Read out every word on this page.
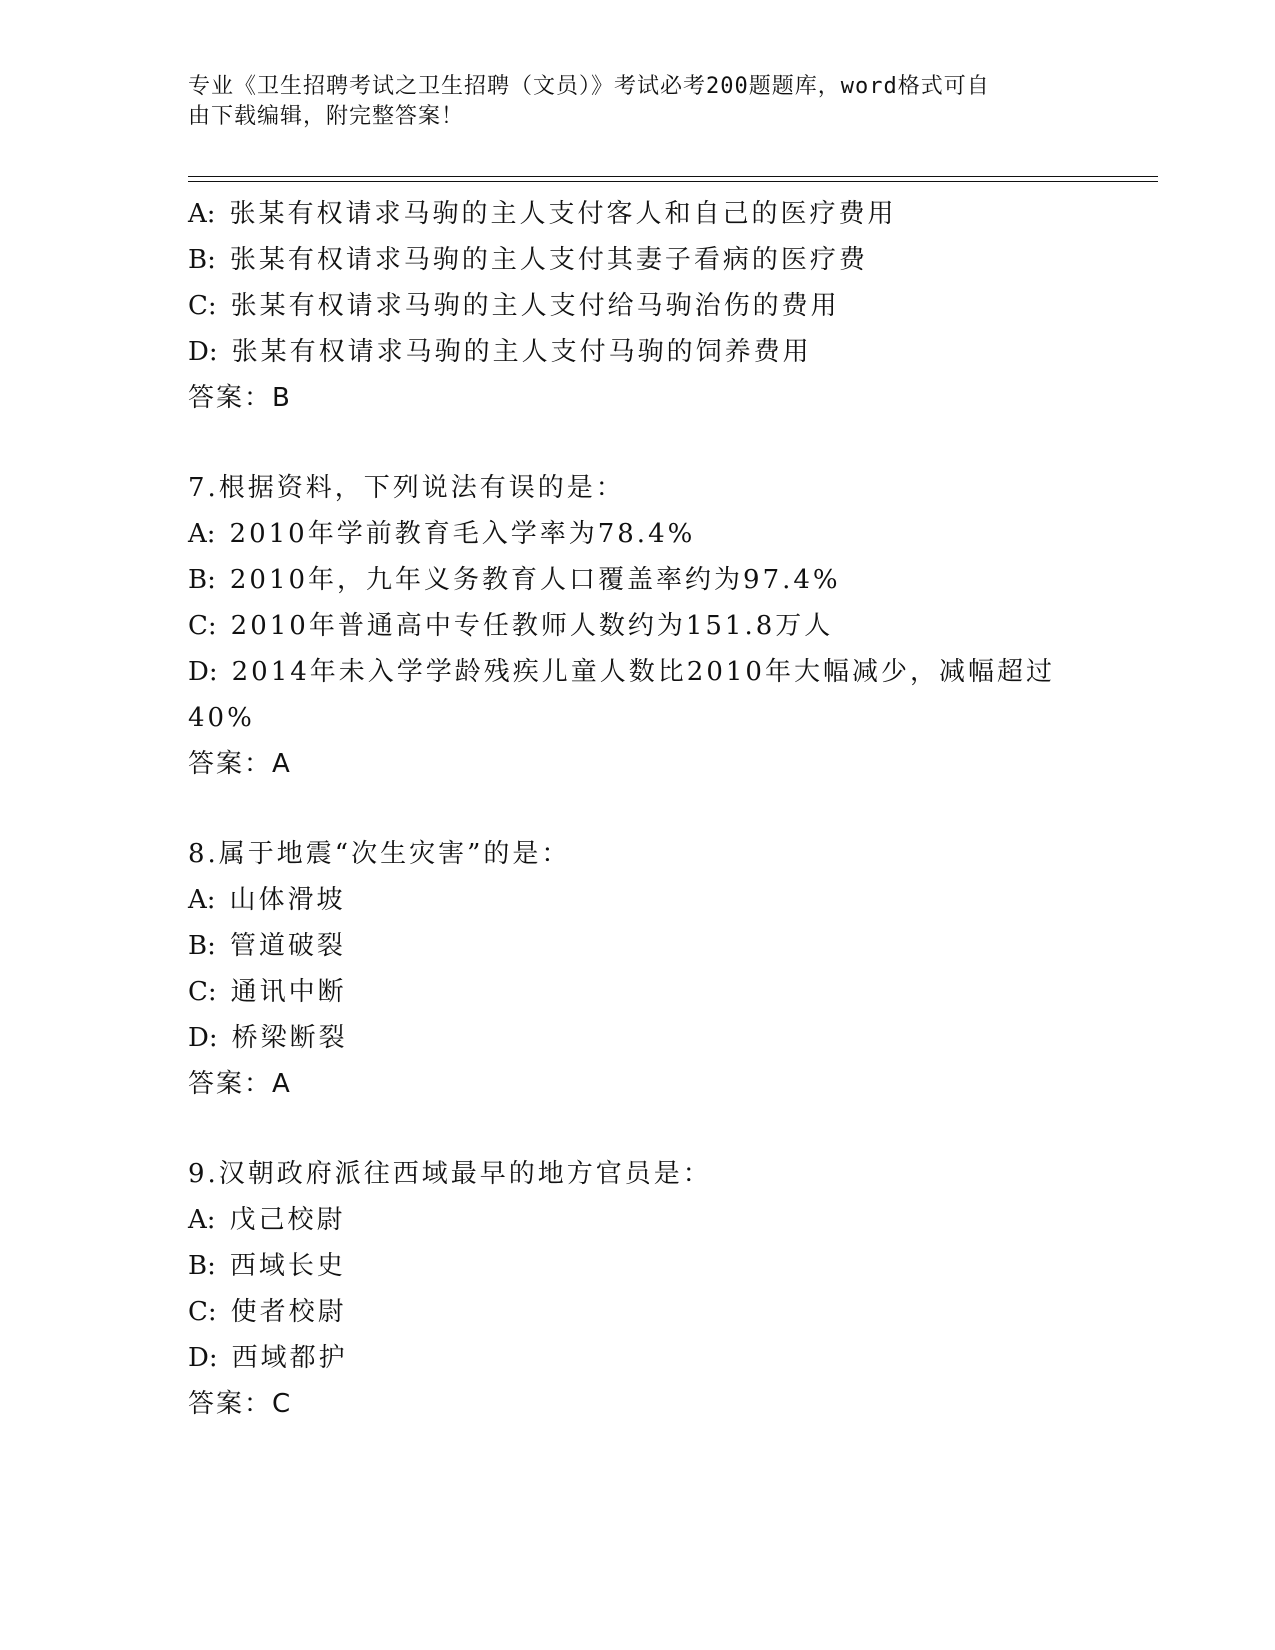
专业《卫生招聘考试之卫生招聘（文员）》考试必考200题题库，word格式可自
由下载编辑，附完整答案！
A: 张某有权请求马驹的主人支付客人和自己的医疗费用
B: 张某有权请求马驹的主人支付其妻子看病的医疗费
C: 张某有权请求马驹的主人支付给马驹治伤的费用
D: 张某有权请求马驹的主人支付马驹的饲养费用
答案：B
7.根据资料，下列说法有误的是：
A: 2010年学前教育毛入学率为78.4%
B: 2010年，九年义务教育人口覆盖率约为97.4%
C: 2010年普通高中专任教师人数约为151.8万人
D: 2014年未入学学龄残疾儿童人数比2010年大幅减少，减幅超过
40%
答案：A
8.属于地震“次生灾害”的是：
A: 山体滑坡
B: 管道破裂
C: 通讯中断
D: 桥梁断裂
答案：A
9.汉朝政府派往西域最早的地方官员是：
A: 戊己校尉
B: 西域长史
C: 使者校尉
D: 西域都护
答案：C
